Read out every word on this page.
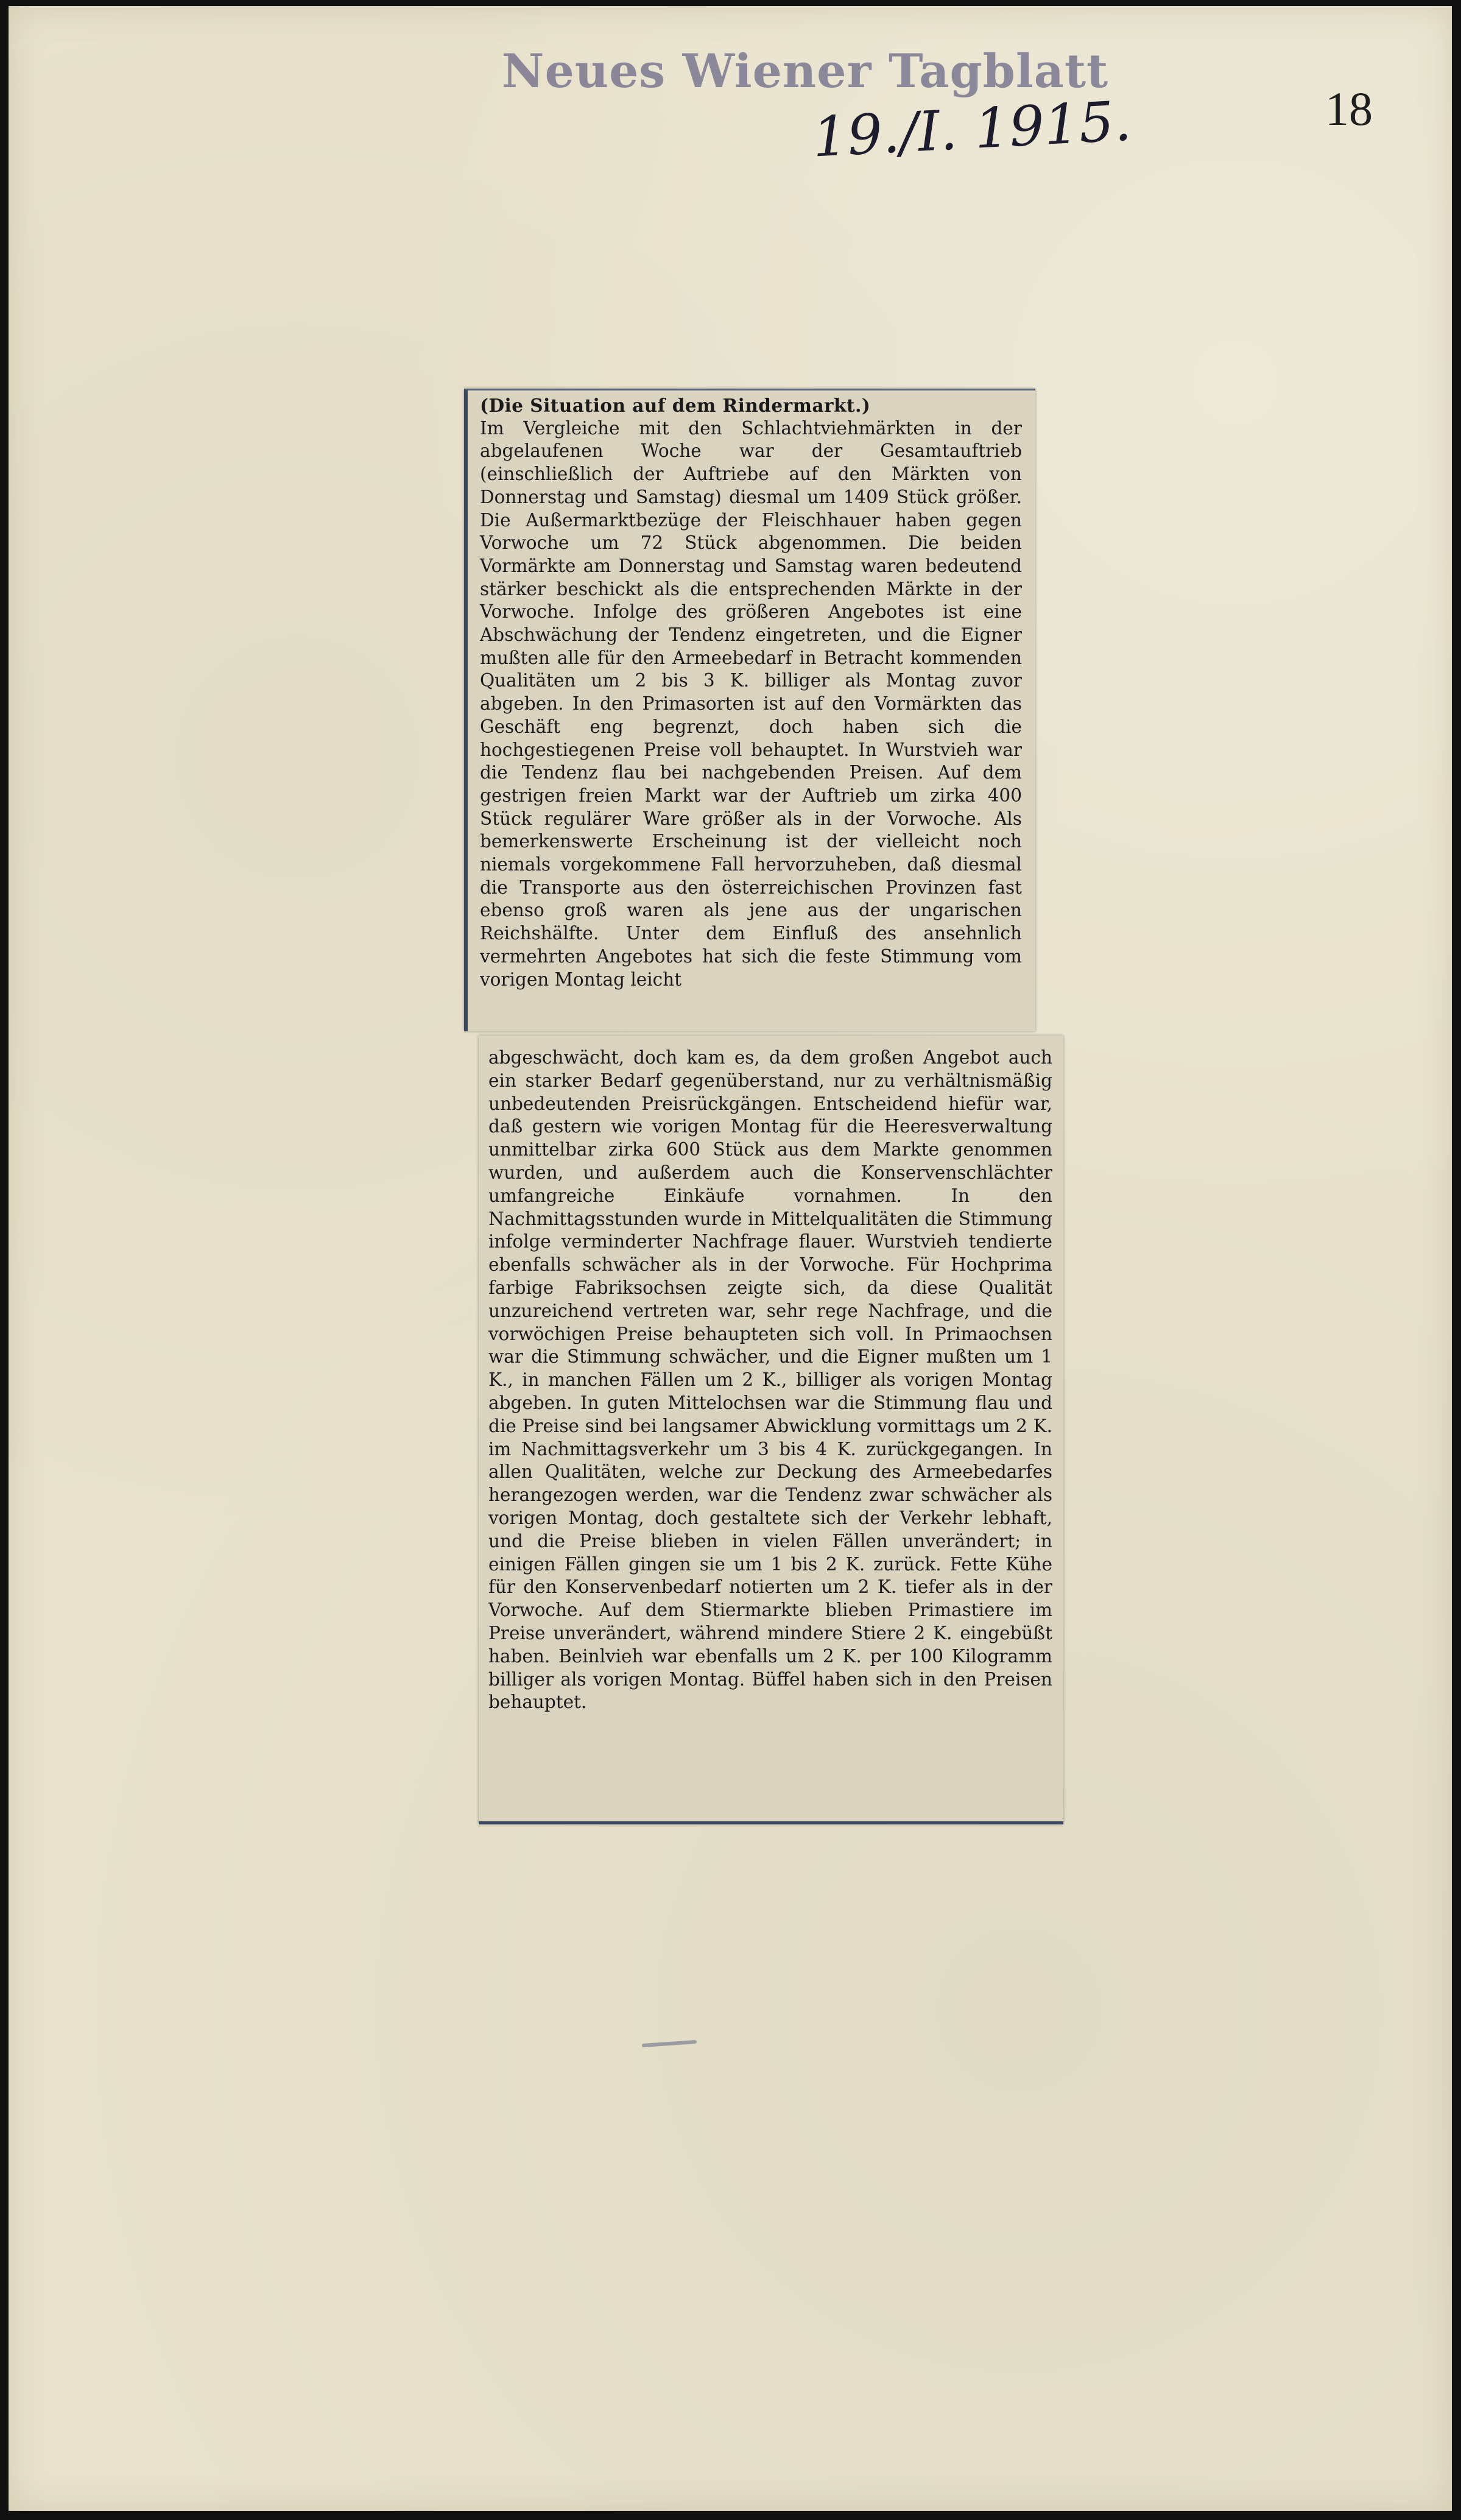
Neues Wiener Tagblatt
19./I. 1915.	18
(Die Situation auf dem Rindermarkt.)
Im Vergleiche mit den Schlachtviehmärkten in der abgelaufenen Woche war der Gesamtauftrieb (einschließlich der Auftriebe auf den Märkten von Donnerstag und Samstag) diesmal um 1409 Stück größer. Die Außermarktbezüge der Fleischhauer haben gegen Vorwoche um 72 Stück abgenommen. Die beiden Vormärkte am Donnerstag und Samstag waren bedeutend stärker beschickt als die entsprechenden Märkte in der Vorwoche. Infolge des größeren Angebotes ist eine Abschwächung der Tendenz eingetreten, und die Eigner mußten alle für den Armeebedarf in Betracht kommenden Qualitäten um 2 bis 3 K. billiger als Montag zuvor abgeben. In den Primasorten ist auf den Vormärkten das Geschäft eng begrenzt, doch haben sich die hochgestiegenen Preise voll behauptet. In Wurstvieh war die Tendenz flau bei nachgebenden Preisen. Auf dem gestrigen freien Markt war der Auftrieb um zirka 400 Stück regulärer Ware größer als in der Vorwoche. Als bemerkenswerte Erscheinung ist der vielleicht noch niemals vorgekommene Fall hervorzuheben, daß diesmal die Transporte aus den österreichischen Provinzen fast ebenso groß waren als jene aus der ungarischen Reichshälfte. Unter dem Einfluß des ansehnlich vermehrten Angebotes hat sich die feste Stimmung vom vorigen Montag leicht
abgeschwächt, doch kam es, da dem großen Angebot auch ein starker Bedarf gegenüberstand, nur zu verhältnismäßig unbedeutenden Preisrückgängen. Entscheidend hiefür war, daß gestern wie vorigen Montag für die Heeresverwaltung unmittelbar zirka 600 Stück aus dem Markte genommen wurden, und außerdem auch die Konservenschlächter umfangreiche Einkäufe vornahmen. In den Nachmittagsstunden wurde in Mittelqualitäten die Stimmung infolge verminderter Nachfrage flauer. Wurstvieh tendierte ebenfalls schwächer als in der Vorwoche. Für Hochprima farbige Fabriksochsen zeigte sich, da diese Qualität unzureichend vertreten war, sehr rege Nachfrage, und die vorwöchigen Preise behaupteten sich voll. In Primaochsen war die Stimmung schwächer, und die Eigner mußten um 1 K., in manchen Fällen um 2 K., billiger als vorigen Montag abgeben. In guten Mittelochsen war die Stimmung flau und die Preise sind bei langsamer Abwicklung vormittags um 2 K. im Nachmittagsverkehr um 3 bis 4 K. zurückgegangen. In allen Qualitäten, welche zur Deckung des Armeebedarfes herangezogen werden, war die Tendenz zwar schwächer als vorigen Montag, doch gestaltete sich der Verkehr lebhaft, und die Preise blieben in vielen Fällen unverändert; in einigen Fällen gingen sie um 1 bis 2 K. zurück. Fette Kühe für den Konservenbedarf notierten um 2 K. tiefer als in der Vorwoche. Auf dem Stiermarkte blieben Primastiere im Preise unverändert, während mindere Stiere 2 K. eingebüßt haben. Beinlvieh war ebenfalls um 2 K. per 100 Kilogramm billiger als vorigen Montag. Büffel haben sich in den Preisen behauptet.
